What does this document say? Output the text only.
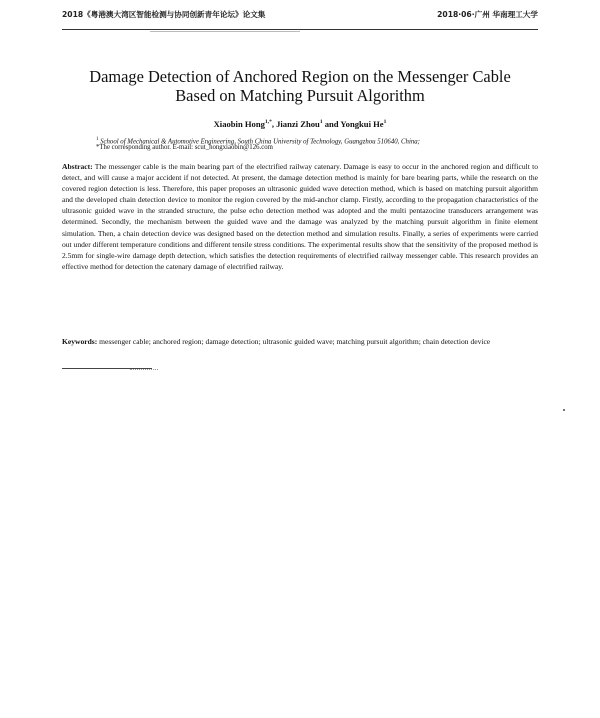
2018《粤港澳大湾区智能检测与协同创新青年论坛》论文集	2018·06·广州 华南理工大学
Damage Detection of Anchored Region on the Messenger Cable
Based on Matching Pursuit Algorithm
Xiaobin Hong$^{1,*}$, Jianzi Zhou$^1$ and Yongkui He$^1$
$^1$ School of Mechanical & Automotive Engineering, South China University of Technology, Guangzhou 510640, China;
*The corresponding author. E-mail: scut_hongxiaobin@126.com
Abstract: The messenger cable is the main bearing part of the electrified railway catenary. Damage is easy to occur in the anchored region and difficult to detect, and will cause a major accident if not detected. At present, the damage detection method is mainly for bare bearing parts, while the research on the covered region detection is less. Therefore, this paper proposes an ultrasonic guided wave detection method, which is based on matching pursuit algorithm and the developed chain detection device to monitor the region covered by the mid-anchor clamp. Firstly, according to the propagation characteristics of the ultrasonic guided wave in the stranded structure, the pulse echo detection method was adopted and the multi pentazocine transducers arrangement was determined. Secondly, the mechanism between the guided wave and the damage was analyzed by the matching pursuit algorithm in finite element simulation. Then, a chain detection device was designed based on the detection method and simulation results. Finally, a series of experiments were carried out under different temperature conditions and different tensile stress conditions. The experimental results show that the sensitivity of the proposed method is 2.5mm for single-wire damage depth detection, which satisfies the detection requirements of electrified railway messenger cable. This research provides an effective method for detection the catenary damage of electrified railway.
Keywords: messenger cable; anchored region; damage detection; ultrasonic guided wave; matching pursuit algorithm; chain detection device
